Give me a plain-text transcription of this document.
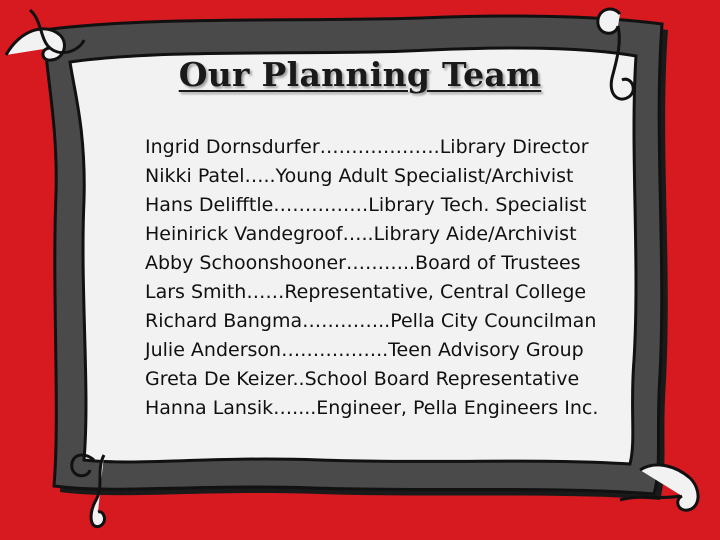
Our Planning Team
Ingrid Dornsdurfer……………….Library Director
Nikki Patel…..Young Adult Specialist/Archivist
Hans Delifftle……………Library Tech. Specialist
Heinirick Vandegroof…..Library Aide/Archivist
Abby Schoonshooner………..Board of Trustees
Lars Smith……Representative, Central College
Richard Bangma…………..Pella City Councilman
Julie Anderson……………..Teen Advisory Group
Greta De Keizer..School Board Representative
Hanna Lansik…....Engineer, Pella Engineers Inc.
